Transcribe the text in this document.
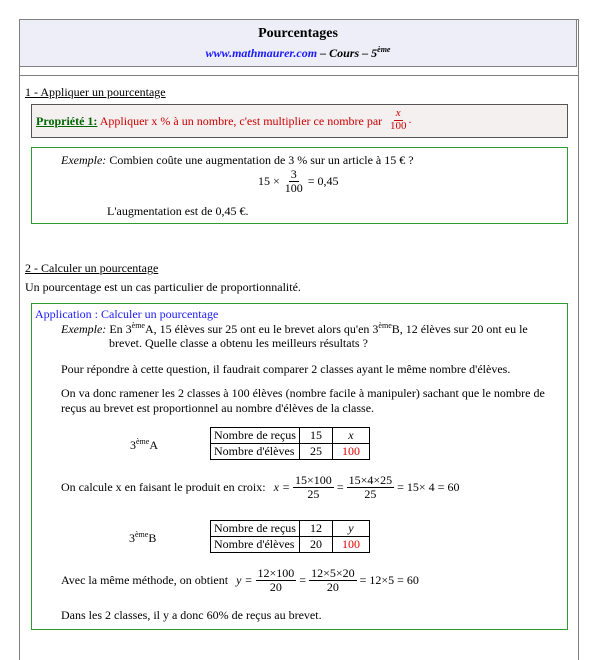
Pourcentages
www.mathmaurer.com – Cours – 5ème
1 - Appliquer un pourcentage
Propriété 1: Appliquer x % à un nombre, c'est multiplier ce nombre par $\frac{x}{100}$ .
Exemple: Combien coûte une augmentation de 3 % sur un article à 15 € ?
$15 \times \frac{3}{100} = 0,45$
L'augmentation est de 0,45 €.
2 - Calculer un pourcentage
Un pourcentage est un cas particulier de proportionnalité.
Application : Calculer un pourcentage
Exemple: En 3èmeA, 15 élèves sur 25 ont eu le brevet alors qu'en 3èmeB, 12 élèves sur 20 ont eu le
brevet. Quelle classe a obtenu les meilleurs résultats ?
Pour répondre à cette question, il faudrait comparer 2 classes ayant le même nombre d'élèves.
On va donc ramener les 2 classes à 100 élèves (nombre facile à manipuler) sachant que le nombre de
reçus au brevet est proportionnel au nombre d'élèves de la classe.
3èmeA
Nombre de reçus	15	x
Nombre d'élèves	25	100
On calcule x en faisant le produit en croix: $x = \frac{15\times 100}{25} = \frac{15\times 4\times 25}{25} = 15\times 4 = 60$
3èmeB
Nombre de reçus	12	y
Nombre d'élèves	20	100
Avec la même méthode, on obtient $y = \frac{12\times 100}{20} = \frac{12\times 5\times 20}{20} = 12\times 5 = 60$
Dans les 2 classes, il y a donc 60% de reçus au brevet.
